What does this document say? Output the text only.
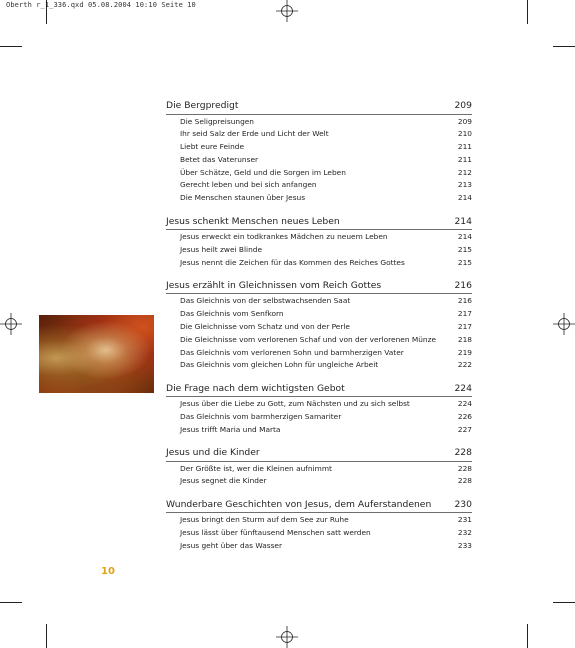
Oberth r_1_336.qxd 05.08.2004 10:10 Seite 10
Die Bergpredigt	209
Die Seligpreisungen	209
Ihr seid Salz der Erde und Licht der Welt	210
Liebt eure Feinde	211
Betet das Vaterunser	211
Über Schätze, Geld und die Sorgen im Leben	212
Gerecht leben und bei sich anfangen	213
Die Menschen staunen über Jesus	214
Jesus schenkt Menschen neues Leben	214
Jesus erweckt ein todkrankes Mädchen zu neuem Leben	214
Jesus heilt zwei Blinde	215
Jesus nennt die Zeichen für das Kommen des Reiches Gottes	215
Jesus erzählt in Gleichnissen vom Reich Gottes	216
Das Gleichnis von der selbstwachsenden Saat	216
Das Gleichnis vom Senfkorn	217
Die Gleichnisse vom Schatz und von der Perle	217
Die Gleichnisse vom verlorenen Schaf und von der verlorenen Münze	218
Das Gleichnis vom verlorenen Sohn und barmherzigen Vater	219
Das Gleichnis vom gleichen Lohn für ungleiche Arbeit	222
Die Frage nach dem wichtigsten Gebot	224
Jesus über die Liebe zu Gott, zum Nächsten und zu sich selbst	224
Das Gleichnis vom barmherzigen Samariter	226
Jesus trifft Maria und Marta	227
Jesus und die Kinder	228
Der Größte ist, wer die Kleinen aufnimmt	228
Jesus segnet die Kinder	228
Wunderbare Geschichten von Jesus, dem Auferstandenen	230
Jesus bringt den Sturm auf dem See zur Ruhe	231
Jesus lässt über fünftausend Menschen satt werden	232
Jesus geht über das Wasser	233
10
